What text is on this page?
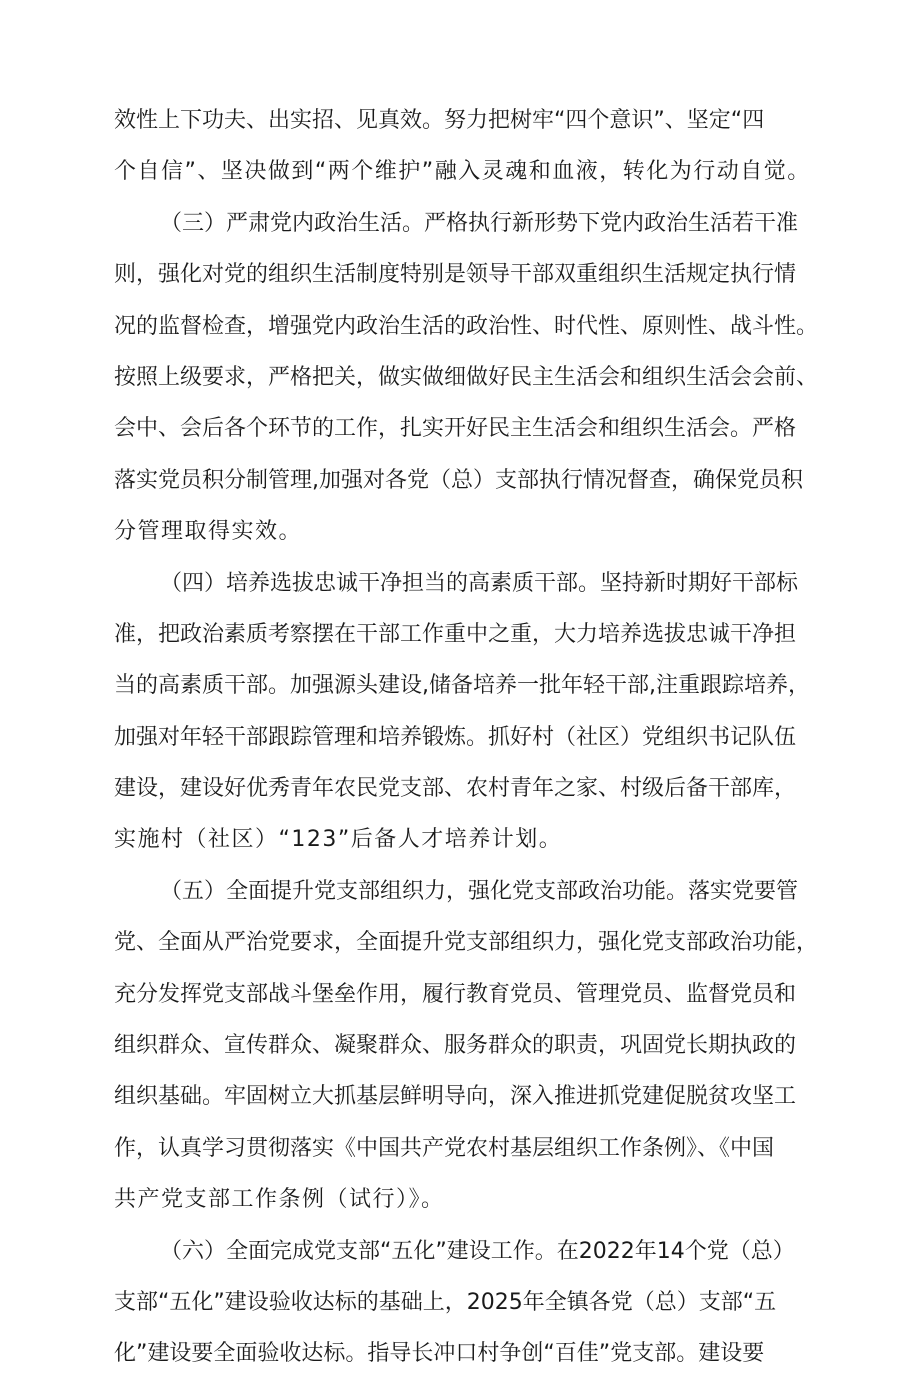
效性上下功夫、出实招、见真效。努力把树牢“四个意识”、坚定“四
个自信”、坚决做到“两个维护”融入灵魂和血液，转化为行动自觉。
（三）严肃党内政治生活。严格执行新形势下党内政治生活若干准
则，强化对党的组织生活制度特别是领导干部双重组织生活规定执行情
况的监督检查，增强党内政治生活的政治性、时代性、原则性、战斗性。
按照上级要求，严格把关，做实做细做好民主生活会和组织生活会会前、
会中、会后各个环节的工作，扎实开好民主生活会和组织生活会。严格
落实党员积分制管理,加强对各党（总）支部执行情况督查，确保党员积
分管理取得实效。
（四）培养选拔忠诚干净担当的高素质干部。坚持新时期好干部标
准，把政治素质考察摆在干部工作重中之重，大力培养选拔忠诚干净担
当的高素质干部。加强源头建设,储备培养一批年轻干部,注重跟踪培养，
加强对年轻干部跟踪管理和培养锻炼。抓好村（社区）党组织书记队伍
建设，建设好优秀青年农民党支部、农村青年之家、村级后备干部库，
实施村（社区）“123”后备人才培养计划。
（五）全面提升党支部组织力，强化党支部政治功能。落实党要管
党、全面从严治党要求，全面提升党支部组织力，强化党支部政治功能，
充分发挥党支部战斗堡垒作用，履行教育党员、管理党员、监督党员和
组织群众、宣传群众、凝聚群众、服务群众的职责，巩固党长期执政的
组织基础。牢固树立大抓基层鲜明导向，深入推进抓党建促脱贫攻坚工
作，认真学习贯彻落实《中国共产党农村基层组织工作条例》、《中国
共产党支部工作条例（试行）》。
（六）全面完成党支部“五化”建设工作。在2022年14个党（总）
支部“五化”建设验收达标的基础上，2025年全镇各党（总）支部“五
化”建设要全面验收达标。指导长冲口村争创“百佳”党支部。建设要
